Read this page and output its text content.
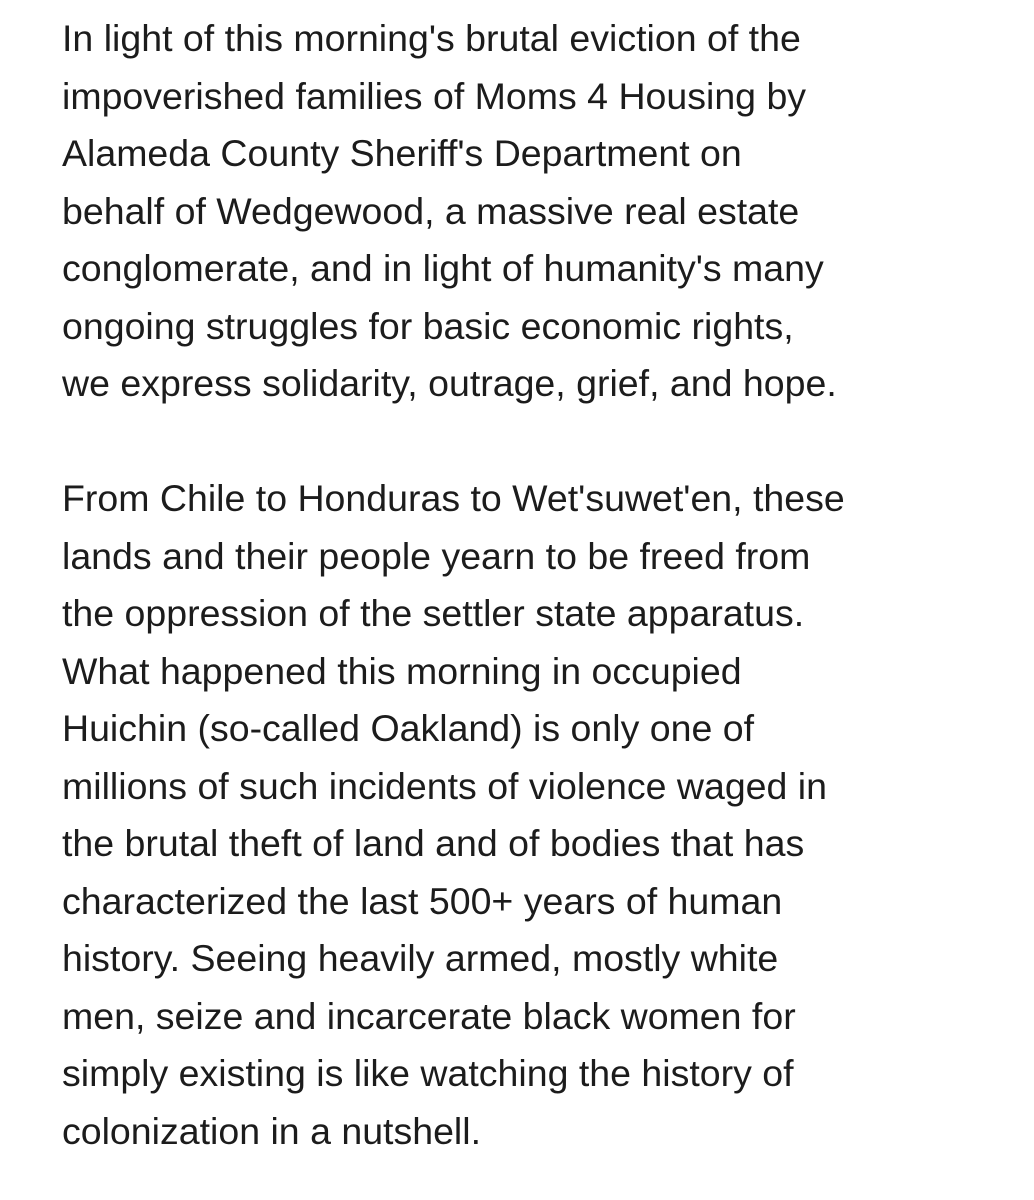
In light of this morning's brutal eviction of the
impoverished families of Moms 4 Housing by
Alameda County Sheriff's Department on
behalf of Wedgewood, a massive real estate
conglomerate, and in light of humanity's many
ongoing struggles for basic economic rights,
we express solidarity, outrage, grief, and hope.

From Chile to Honduras to Wet'suwet'en, these
lands and their people yearn to be freed from
the oppression of the settler state apparatus.
What happened this morning in occupied
Huichin (so-called Oakland) is only one of
millions of such incidents of violence waged in
the brutal theft of land and of bodies that has
characterized the last 500+ years of human
history. Seeing heavily armed, mostly white
men, seize and incarcerate black women for
simply existing is like watching the history of
colonization in a nutshell.
